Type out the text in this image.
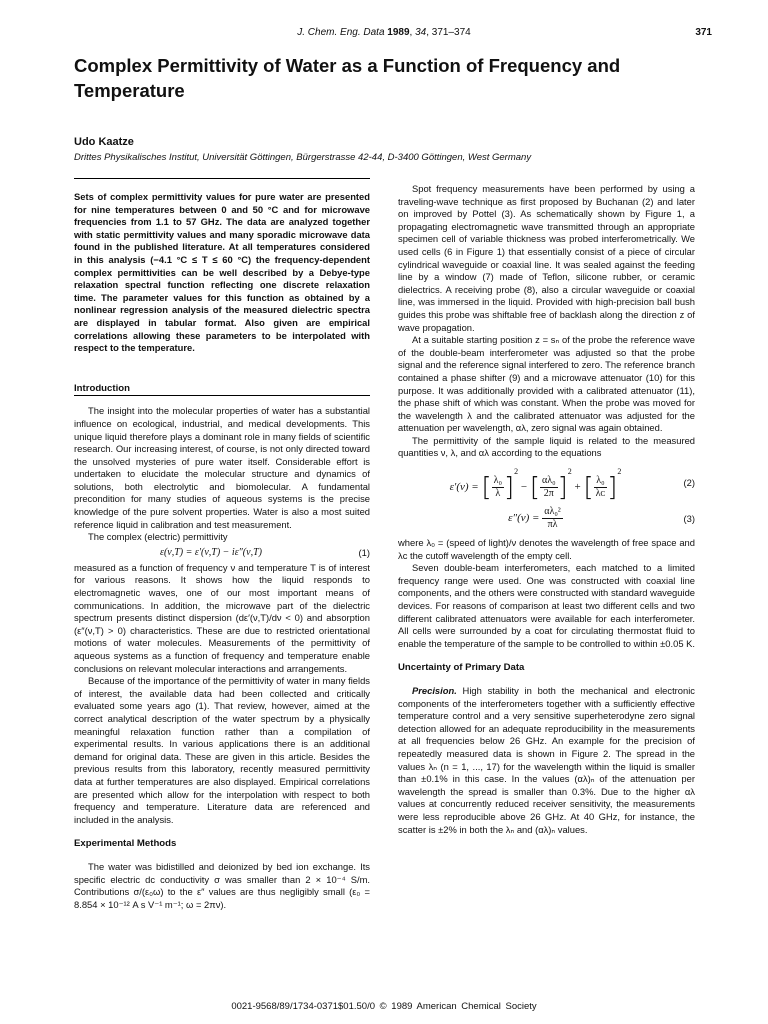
J. Chem. Eng. Data 1989, 34, 371–374	371
Complex Permittivity of Water as a Function of Frequency and Temperature
Udo Kaatze
Drittes Physikalisches Institut, Universität Göttingen, Bürgerstrasse 42-44, D-3400 Göttingen, West Germany
Sets of complex permittivity values for pure water are presented for nine temperatures between 0 and 50 °C and for microwave frequencies from 1.1 to 57 GHz. The data are analyzed together with static permittivity values and many sporadic microwave data found in the published literature. At all temperatures considered in this analysis (−4.1 °C ≤ T ≤ 60 °C) the frequency-dependent complex permittivities can be well described by a Debye-type relaxation spectral function reflecting one discrete relaxation time. The parameter values for this function as obtained by a nonlinear regression analysis of the measured dielectric spectra are displayed in tabular format. Also given are empirical correlations allowing these parameters to be interpolated with respect to the temperature.
Introduction

The insight into the molecular properties of water has a substantial influence on ecological, industrial, and medical developments. This unique liquid therefore plays a dominant role in many fields of scientific research. Our increasing interest, of course, is not only directed toward the unsolved mysteries of pure water itself. Considerable effort is undertaken to elucidate the molecular structure and dynamics of solutions, both electrolytic and biomolecular. A fundamental precondition for many studies of aqueous systems is the precise knowledge of the pure solvent properties. Water is also a most suited reference liquid in calibration and test measurement.

The complex (electric) permittivity

ε(ν,T) = ε′(ν,T) − iε″(ν,T)	(1)

measured as a function of frequency ν and temperature T is of interest for various reasons. It shows how the liquid responds to electromagnetic waves, one of our most important means of communications. In addition, the microwave part of the dielectric spectrum presents distinct dispersion (dε′(ν,T)/dν < 0) and absorption (ε″(ν,T) > 0) characteristics. These are due to restricted orientational motions of water molecules. Measurements of the permittivity of aqueous systems as a function of frequency and temperature enable conclusions on relevant molecular interactions and arrangements.

Because of the importance of the permittivity of water in many fields of interest, the available data had been collected and critically evaluated some years ago (1). That review, however, aimed at the correct analytical description of the water spectrum by a physically meaningful relaxation function rather than a compilation of experimental results. In various applications there is an additional demand for original data. These are given in this article. Besides the previous results from this laboratory, recently measured permittivity data at further temperatures are also displayed. Empirical correlations are presented which allow for the interpolation with respect to both frequency and temperature. Literature data are referenced and included in the analysis.

Experimental Methods

The water was bidistilled and deionized by bed ion exchange. Its specific electric dc conductivity σ was smaller than 2 × 10⁻⁴ S/m. Contributions σ/(ε₀ω) to the ε″ values are thus negligibly small (ε₀ = 8.854 × 10⁻¹² A s V⁻¹ m⁻¹; ω = 2πν).

Spot frequency measurements have been performed by using a traveling-wave technique as first proposed by Buchanan (2) and later on improved by Pottel (3). As schematically shown by Figure 1, a propagating electromagnetic wave transmitted through an appropriate specimen cell of variable thickness was probed interferometrically. We used cells (6 in Figure 1) that essentially consist of a piece of circular cylindrical waveguide or coaxial line. It was sealed against the feeding line by a window (7) made of Teflon, silicone rubber, or ceramic dielectrics. A receiving probe (8), also a circular waveguide or coaxial line, was immersed in the liquid. Provided with high-precision ball bush guides this probe was shiftable free of backlash along the direction z of wave propagation.

At a suitable starting position z = sₙ of the probe the reference wave of the double-beam interferometer was adjusted so that the probe signal and the reference signal interfered to zero. The reference branch contained a phase shifter (9) and a microwave attenuator (10) for this purpose. It was additionally provided with a calibrated attenuator (11), the phase shift of which was constant. When the probe was moved for the wavelength λ and the calibrated attenuator was adjusted for the attenuation per wavelength, αλ, zero signal was again obtained.

The permittivity of the sample liquid is related to the measured quantities ν, λ, and αλ according to the equations

ε′(ν) = [ $\frac{\text{λ₀}}{\lambda} ]^2$ − [ $\frac{\text{αλ₀}}{2\pi} ]^2$ + [ $\frac{\text{λ₀}}{\text{λᴄ}} ]^2$
(2)
$\varepsilon''(\nu) = \frac{\text{αλ₀²}}{\pi\lambda}$	(3)

where λ₀ = (speed of light)/ν denotes the wavelength of free space and λᴄ the cutoff wavelength of the empty cell.

Seven double-beam interferometers, each matched to a limited frequency range were used. One was constructed with coaxial line components, and the others were constructed with standard waveguide devices. For reasons of comparison at least two different cells and two different calibrated attenuators were available for each interferometer. All cells were surrounded by a coat for circulating thermostat fluid to enable the temperature of the sample to be controlled to within ±0.05 K.

Uncertainty of Primary Data

Precision. High stability in both the mechanical and electronic components of the interferometers together with a sufficiently effective temperature control and a very sensitive superheterodyne zero signal detection allowed for an adequate reproducibility in the measurements at all frequencies below 26 GHz. An example for the precision of repeatedly measured data is shown in Figure 2. The spread in the values λₙ (n = 1, ..., 17) for the wavelength within the liquid is smaller than ±0.1% in this case. In the values (αλ)ₙ of the attenuation per wavelength the spread is smaller than 0.3%. Due to the higher αλ values at concurrently reduced receiver sensitivity, the measurements were less reproducible above 26 GHz. At 40 GHz, for instance, the scatter is ±2% in both the λₙ and (αλ)ₙ values.

0021-9568/89/1734-0371$01.50/0 © 1989 American Chemical Society
